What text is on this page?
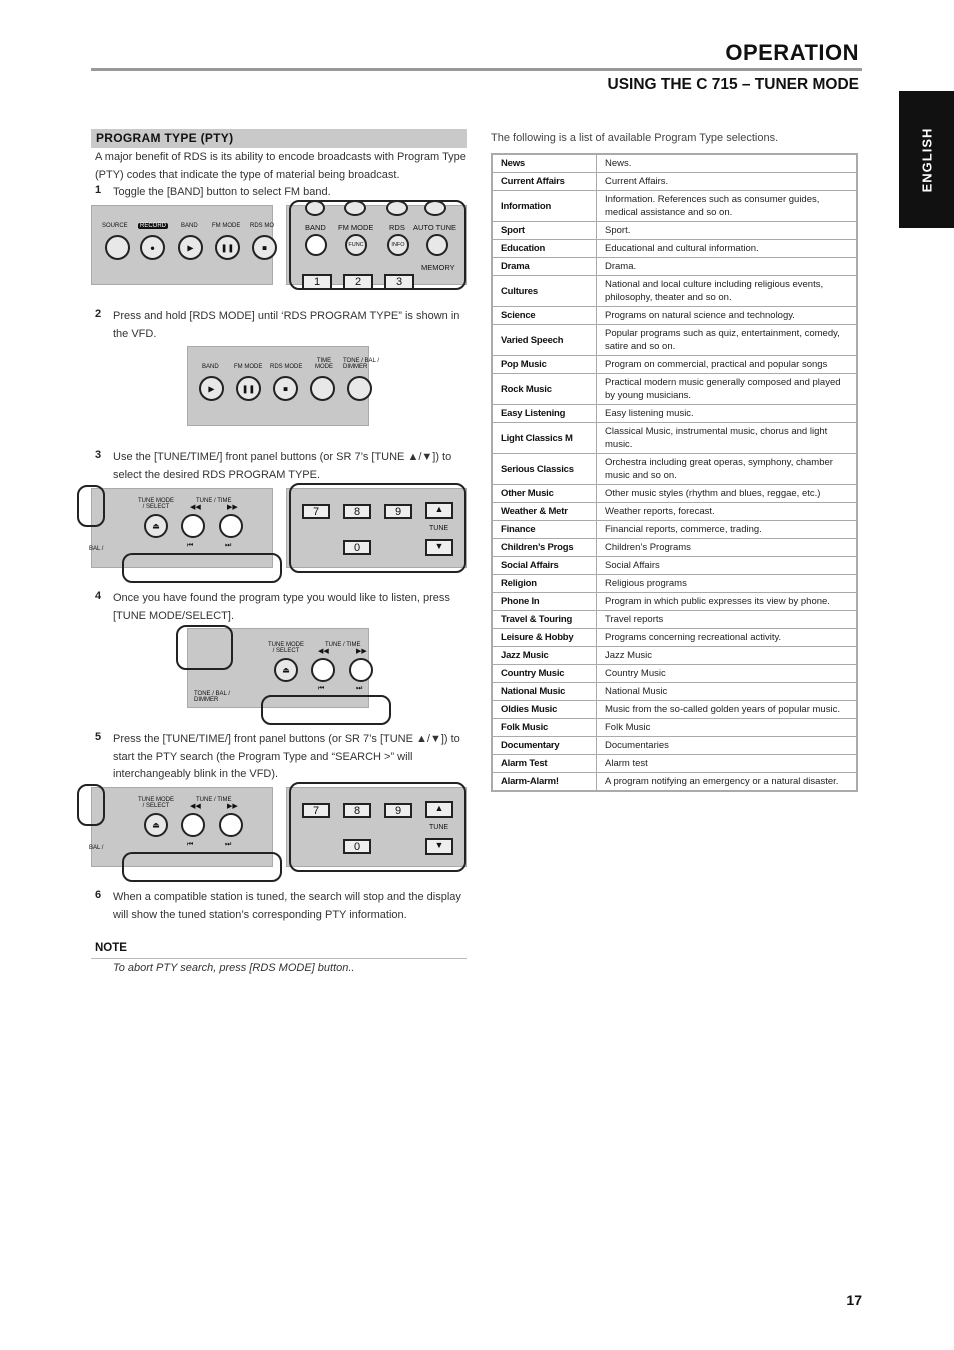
OPERATION
USING THE C 715 – TUNER MODE
ENGLISH
PROGRAM TYPE (PTY)
A major benefit of RDS is its ability to encode broadcasts with Program Type (PTY) codes that indicate the type of material being broadcast.
1 Toggle the [BAND] button to select FM band.
SOURCE	RECORD	BAND FM MODE RDS MO
●	▶	❚❚	■
BAND FM MODE RDS AUTO TUNE
FUNC	INFO
MEMORY
1	2	3
2 Press and hold [RDS MODE] until ‘RDS PROGRAM TYPE” is shown in the VFD.
BAND	FM MODE RDS MODE
TIME MODE
TONE / BAL / DIMMER
▶	❚❚	■
3 Use the [TUNE/TIME/] front panel buttons (or SR 7’s [TUNE ▲/▼]) to select the desired RDS PROGRAM TYPE.
TUNE MODE / SELECT
TUNE / TIME
◀◀	▶▶
⏏
⏮	⏭
BAL /
7	8	9
0
▲
TUNE
▼
4 Once you have found the program type you would like to listen, press [TUNE MODE/SELECT].
TUNE MODE / SELECT
TUNE / TIME
◀◀	▶▶
⏏
⏮	⏭
TONE / BAL / DIMMER
5 Press the [TUNE/TIME/] front panel buttons (or SR 7’s [TUNE ▲/▼]) to start the PTY search (the Program Type and “SEARCH >” will interchangeably blink in the VFD).
TUNE MODE / SELECT
TUNE / TIME
◀◀	▶▶
⏏
⏮	⏭
BAL /
7	8	9
0
▲
TUNE
▼
6 When a compatible station is tuned, the search will stop and the display will show the tuned station’s corresponding PTY information.
NOTE
To abort PTY search, press [RDS MODE] button..
The following is a list of available Program Type selections.
News	News.
Current Affairs	Current Affairs.
Information	Information. References such as consumer guides, medical assistance and so on.
Sport	Sport.
Education	Educational and cultural information.
Drama	Drama.
Cultures	National and local culture including religious events, philosophy, theater and so on.
Science	Programs on natural science and technology.
Varied Speech	Popular programs such as quiz, entertainment, comedy, satire and so on.
Pop Music	Program on commercial, practical and popular songs
Rock Music	Practical modern music generally composed and played by young musicians.
Easy Listening	Easy listening music.
Light Classics M	Classical Music, instrumental music, chorus and light music.
Serious Classics	Orchestra including great operas, symphony, chamber music and so on.
Other Music	Other music styles (rhythm and blues, reggae, etc.)
Weather & Metr	Weather reports, forecast.
Finance	Financial reports, commerce, trading.
Children’s Progs	Children’s Programs
Social Affairs	Social Affairs
Religion	Religious programs
Phone In	Program in which public expresses its view by phone.
Travel & Touring	Travel reports
Leisure & Hobby	Programs concerning recreational activity.
Jazz Music	Jazz Music
Country Music	Country Music
National Music	National Music
Oldies Music	Music from the so-called golden years of popular music.
Folk Music	Folk Music
Documentary	Documentaries
Alarm Test	Alarm test
Alarm-Alarm!	A program notifying an emergency or a natural disaster.
17
